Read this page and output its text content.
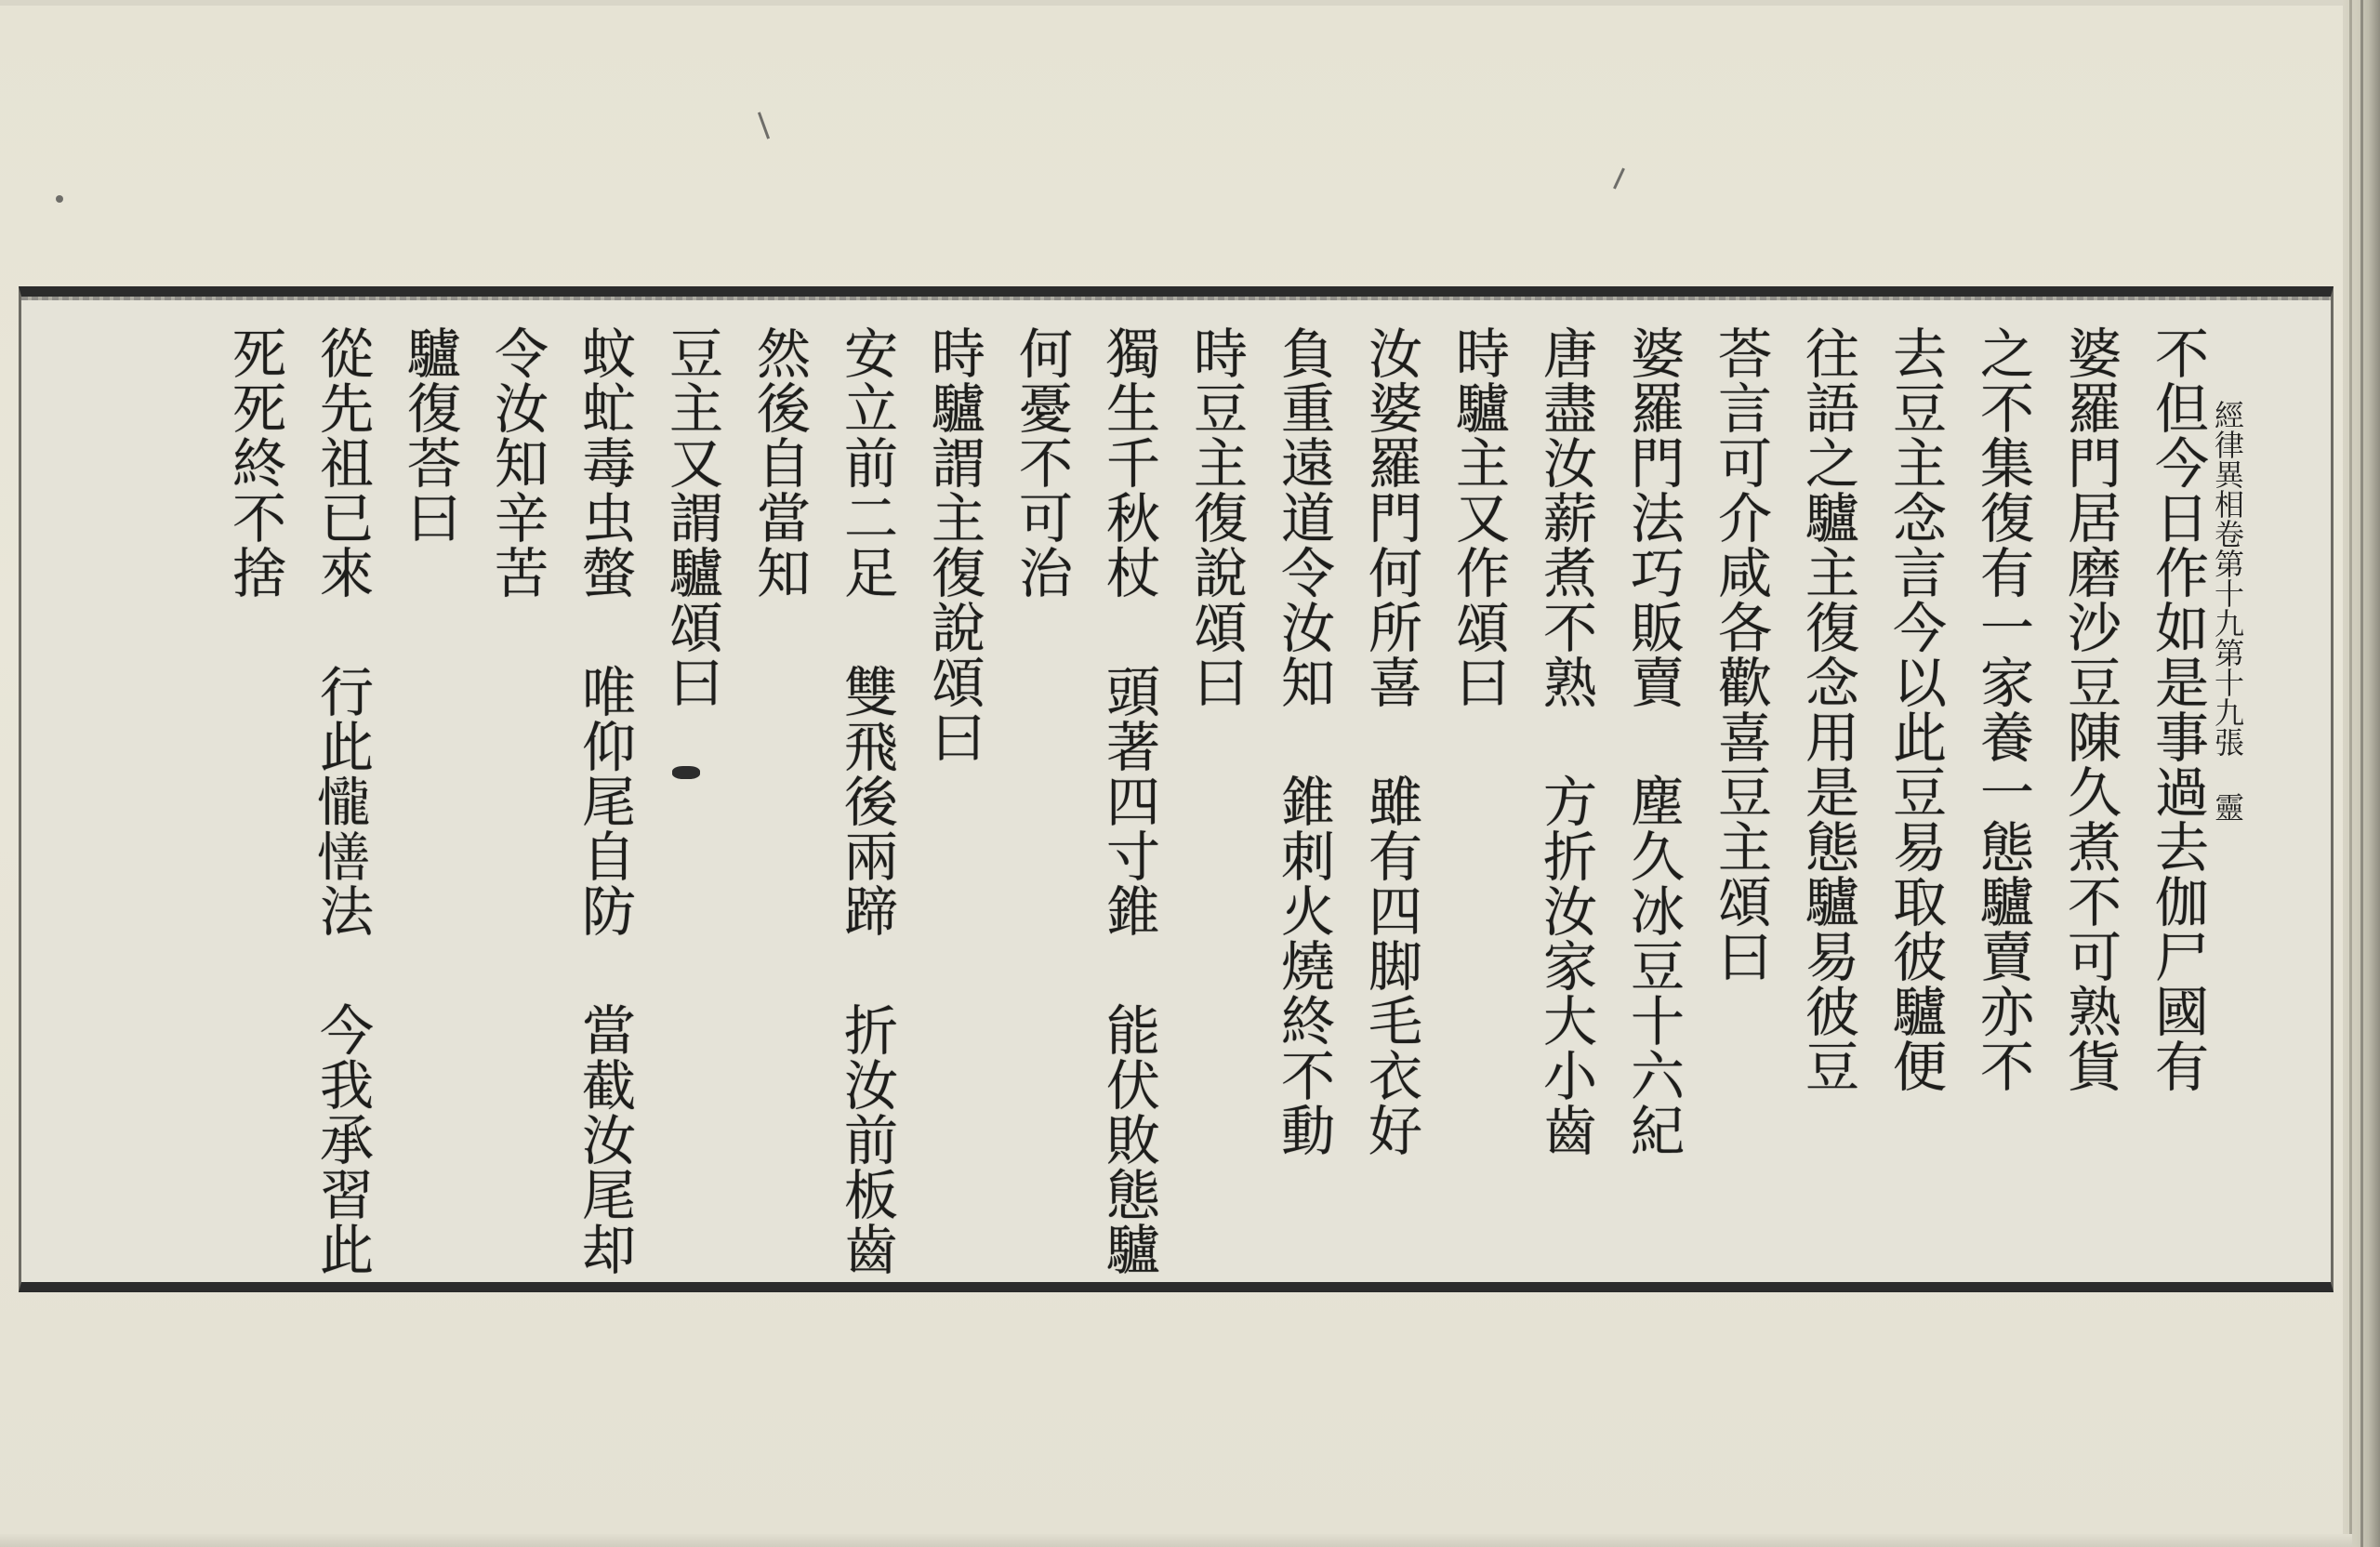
經律異相卷第十九第十九張 靈
不但今日作如是事過去伽尸國有
婆羅門居磨沙豆陳久煮不可熟貨
之不集復有一家養一態驢賣亦不
去豆主念言今以此豆易取彼驢便
往語之驢主復念用是態驢易彼豆
荅言可介咸各歡喜豆主頌曰
婆羅門法巧販賣 塵久冰豆十六紀
唐盡汝薪煮不熟 方折汝家大小齒
時驢主又作頌曰
汝婆羅門何所喜 雖有四脚毛衣好
負重遠道令汝知 錐刺火燒終不動
時豆主復說頌曰
獨生千秋杖 頭著四寸錐 能伏敗態驢
何憂不可治
時驢謂主復說頌曰
安立前二足 雙飛後兩蹄 折汝前板齒
然後自當知
豆主又謂驢頌曰
蚊虻毒虫螫 唯仰尾自防 當截汝尾却
令汝知辛苦
驢復荅曰
從先祖已來 行此𢤱𢢆法 今我承習此
死死終不捨
